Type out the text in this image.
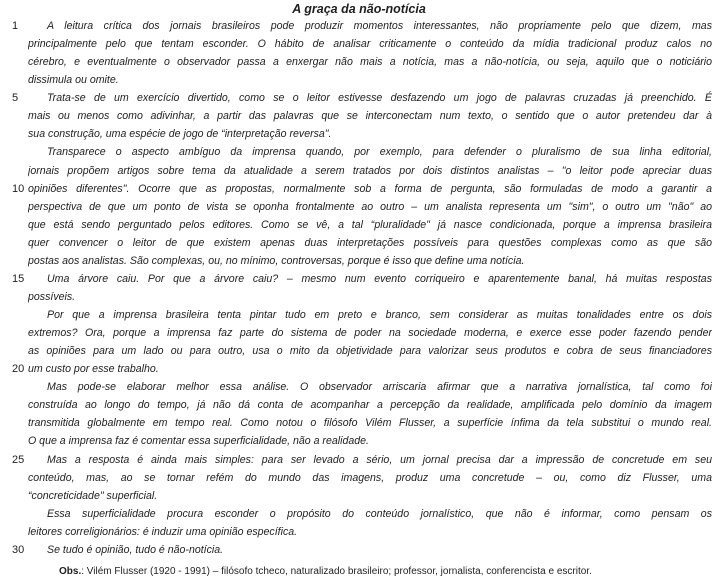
A graça da não-notícia
1	A leitura crítica dos jornais brasileiros pode produzir momentos interessantes, não propriamente pelo que dizem, mas
principalmente pelo que tentam esconder. O hábito de analisar criticamente o conteúdo da mídia tradicional produz calos no
cérebro, e eventualmente o observador passa a enxergar não mais a notícia, mas a não-notícia, ou seja, aquilo que o noticiário
dissimula ou omite.
5	Trata-se de um exercício divertido, como se o leitor estivesse desfazendo um jogo de palavras cruzadas já preenchido. É
mais ou menos como adivinhar, a partir das palavras que se interconectam num texto, o sentido que o autor pretendeu dar à
sua construção, uma espécie de jogo de “interpretação reversa".
Transparece o aspecto ambíguo da imprensa quando, por exemplo, para defender o pluralismo de sua linha editorial,
jornais propõem artigos sobre tema da atualidade a serem tratados por dois distintos analistas – "o leitor pode apreciar duas
10 opiniões diferentes". Ocorre que as propostas, normalmente sob a forma de pergunta, são formuladas de modo a garantir a
perspectiva de que um ponto de vista se oponha frontalmente ao outro – um analista representa um "sim", o outro um "não" ao
que está sendo perguntado pelos editores. Como se vê, a tal “pluralidade" já nasce condicionada, porque a imprensa brasileira
quer convencer o leitor de que existem apenas duas interpretações possíveis para questões complexas como as que são
postas aos analistas. São complexas, ou, no mínimo, controversas, porque é isso que define uma notícia.
15	Uma árvore caiu. Por que a árvore caiu? – mesmo num evento corriqueiro e aparentemente banal, há muitas respostas
possíveis.
Por que a imprensa brasileira tenta pintar tudo em preto e branco, sem considerar as muitas tonalidades entre os dois
extremos? Ora, porque a imprensa faz parte do sistema de poder na sociedade moderna, e exerce esse poder fazendo pender
as opiniões para um lado ou para outro, usa o mito da objetividade para valorizar seus produtos e cobra de seus financiadores
20 um custo por esse trabalho.
Mas pode-se elaborar melhor essa análise. O observador arriscaria afirmar que a narrativa jornalística, tal como foi
construída ao longo do tempo, já não dá conta de acompanhar a percepção da realidade, amplificada pelo domínio da imagem
transmitida globalmente em tempo real. Como notou o filósofo Vilém Flusser, a superfície ínfima da tela substitui o mundo real.
O que a imprensa faz é comentar essa superficialidade, não a realidade.
25	Mas a resposta é ainda mais simples: para ser levado a sério, um jornal precisa dar a impressão de concretude em seu
conteúdo, mas, ao se tornar refém do mundo das imagens, produz uma concretude – ou, como diz Flusser, uma
“concreticidade" superficial.
Essa superficialidade procura esconder o propósito do conteúdo jornalístico, que não é informar, como pensam os
leitores correligionários: é induzir uma opinião específica.
30	Se tudo é opinião, tudo é não-notícia.
Obs.: Vilém Flusser (1920 - 1991) – filósofo tcheco, naturalizado brasileiro; professor, jornalista, conferencista e escritor.
